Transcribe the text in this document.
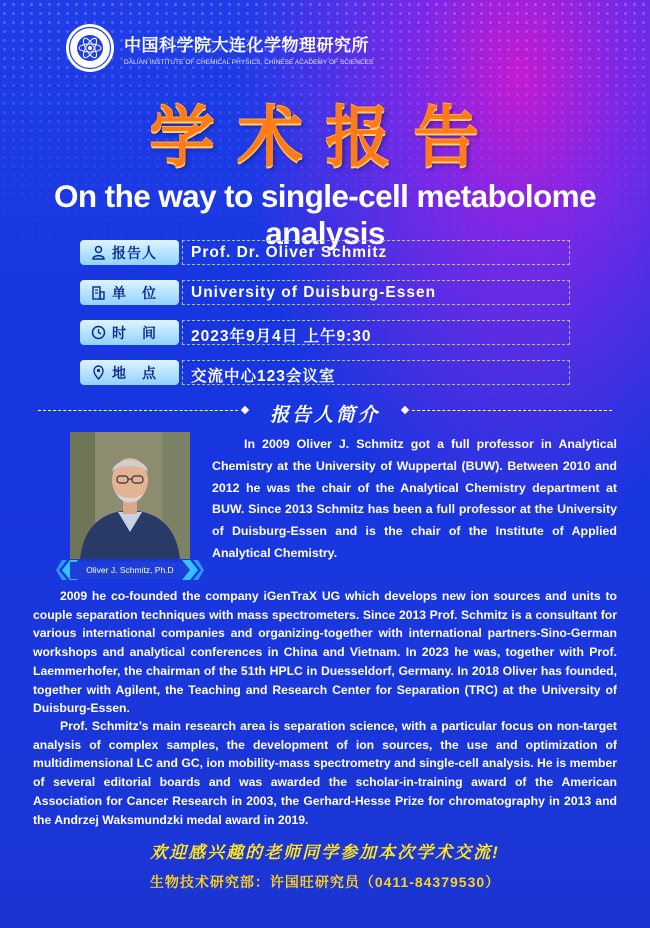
中国科学院大连化学物理研究所
DALIAN INSTITUTE OF CHEMICAL PHYSICS, CHINESE ACADEMY OF SCIENCES
学术报告
On the way to single-cell metabolome analysis
报告人 Prof. Dr. Oliver Schmitz
单　位 University of Duisburg-Essen
时　间 2023年9月4日 上午9:30
地　点 交流中心123会议室
报告人简介
Oliver J. Schmitz, Ph.D
In 2009 Oliver J. Schmitz got a full professor in Analytical Chemistry at the University of Wuppertal (BUW). Between 2010 and 2012 he was the chair of the Analytical Chemistry department at BUW. Since 2013 Schmitz has been a full professor at the University of Duisburg-Essen and is the chair of the Institute of Applied Analytical Chemistry.

2009 he co-founded the company iGenTraX UG which develops new ion sources and units to couple separation techniques with mass spectrometers. Since 2013 Prof. Schmitz is a consultant for various international companies and organizing-together with international partners-Sino-German workshops and analytical conferences in China and Vietnam. In 2023 he was, together with Prof. Laemmerhofer, the chairman of the 51th HPLC in Duesseldorf, Germany. In 2018 Oliver has founded, together with Agilent, the Teaching and Research Center for Separation (TRC) at the University of Duisburg-Essen.

Prof. Schmitz’s main research area is separation science, with a particular focus on non-target analysis of complex samples, the development of ion sources, the use and optimization of multidimensional LC and GC, ion mobility-mass spectrometry and single-cell analysis. He is member of several editorial boards and was awarded the scholar-in-training award of the American Association for Cancer Research in 2003, the Gerhard-Hesse Prize for chromatography in 2013 and the Andrzej Waksmundzki medal award in 2019.

欢迎感兴趣的老师同学参加本次学术交流!
生物技术研究部：许国旺研究员（0411-84379530）
